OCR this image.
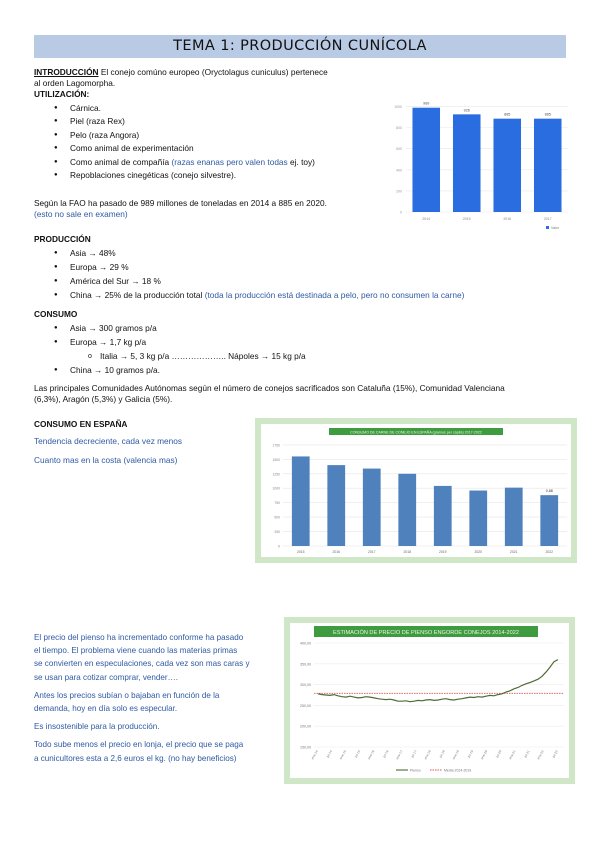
TEMA 1: PRODUCCIÓN CUNÍCOLA
INTRODUCCIÓN El conejo comúno europeo (Oryctolagus cuniculus) pertenece
al orden Lagomorpha.
UTILIZACIÓN:
● Cárnica.
● Piel (raza Rex)
● Pelo (raza Angora)
● Como animal de experimentación
● Como animal de compañía (razas enanas pero valen todas ej. toy)
● Repoblaciones cinegéticas (conejo silvestre).
Según la FAO ha pasado de 989 millones de toneladas en 2014 a 885 en 2020.
(esto no sale en examen)	0
200
400
600
800
1000
989
2014
926
2015
885
2016
885
2017
Valor
PRODUCCIÓN
● Asia → 48%
● Europa → 29 %
● América del Sur → 18 %
● China → 25% de la producción total (toda la producción está destinada a pelo, pero no consumen la carne)
CONSUMO
● Asia → 300 gramos p/a
● Europa → 1,7 kg p/a
o Italia → 5, 3 kg p/a ……………….. Nápoles → 15 kg p/a
● China → 10 gramos p/a.
Las principales Comunidades Autónomas según el número de conejos sacrificados son Cataluña (15%), Comunidad Valenciana
(6,3%), Aragón (5,3%) y Galicia (5%).
CONSUMO EN ESPAÑA
Tendencia decreciente, cada vez menos
Cuanto mas en la costa (valencia mas)
CONSUMO DE CARNE DE CONEJO EN ESPAÑA (gramos per cápita) 2017-2022
0
250
500
750
1000
1250
1500
1750
2015	2016	2017	2018	2019	2020	2021	2022
0,88
El precio del pienso ha incrementado conforme ha pasado
el tiempo. El problema viene cuando las materias primas
se convierten en especulaciones, cada vez son mas caras y
se usan para cotizar comprar, vender….
Antes los precios subían o bajaban en función de la
demanda, hoy en día solo es especular.
Es insostenible para la producción.
Todo sube menos el precio en lonja, el precio que se paga
a cunicultores esta a 2,6 euros el kg. (no hay beneficios)
ESTIMACIÓN DE PRECIO DE PIENSO ENGORDE CONEJOS 2014-2022
150,00
200,00
250,00
300,00
350,00
400,00
ene-14 jul-14 ene-15 jul-15 ene-16 jul-16 ene-17 jul-17 ene-18 jul-18 ene-19 jul-19 ene-20 jul-20 ene-21 jul-21 ene-22 jul-22
Pienso	Media 2014-2019
